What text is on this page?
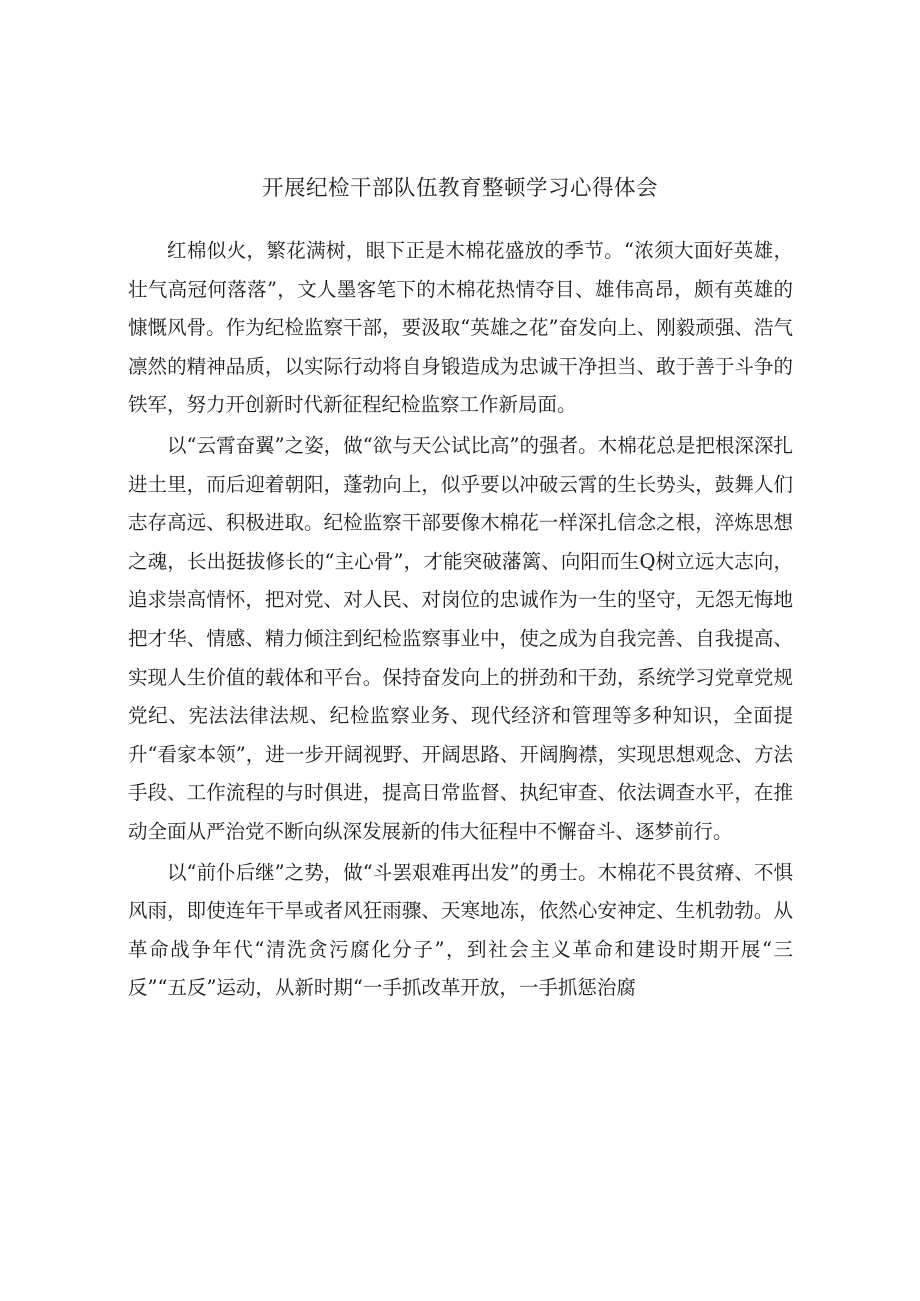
开展纪检干部队伍教育整顿学习心得体会

红棉似火，繁花满树，眼下正是木棉花盛放的季节。“浓须大面好英雄，壮气高冠何落落”，文人墨客笔下的木棉花热情夺目、雄伟高昂，颇有英雄的慷慨风骨。作为纪检监察干部，要汲取“英雄之花”奋发向上、刚毅顽强、浩气凛然的精神品质，以实际行动将自身锻造成为忠诚干净担当、敢于善于斗争的铁军，努力开创新时代新征程纪检监察工作新局面。

以“云霄奋翼”之姿，做“欲与天公试比高”的强者。木棉花总是把根深深扎进土里，而后迎着朝阳，蓬勃向上，似乎要以冲破云霄的生长势头，鼓舞人们志存高远、积极进取。纪检监察干部要像木棉花一样深扎信念之根，淬炼思想之魂，长出挺拔修长的“主心骨”，才能突破藩篱、向阳而生Q树立远大志向，追求崇高情怀，把对党、对人民、对岗位的忠诚作为一生的坚守，无怨无悔地把才华、情感、精力倾注到纪检监察事业中，使之成为自我完善、自我提高、实现人生价值的载体和平台。保持奋发向上的拼劲和干劲，系统学习党章党规党纪、宪法法律法规、纪检监察业务、现代经济和管理等多种知识，全面提升“看家本领”，进一步开阔视野、开阔思路、开阔胸襟，实现思想观念、方法手段、工作流程的与时俱进，提高日常监督、执纪审查、依法调查水平，在推动全面从严治党不断向纵深发展新的伟大征程中不懈奋斗、逐梦前行。

以“前仆后继”之势，做“斗罢艰难再出发”的勇士。木棉花不畏贫瘠、不惧风雨，即使连年干旱或者风狂雨骤、天寒地冻，依然心安神定、生机勃勃。从革命战争年代“清洗贪污腐化分子”，到社会主义革命和建设时期开展“三反”“五反”运动，从新时期“一手抓改革开放，一手抓惩治腐
